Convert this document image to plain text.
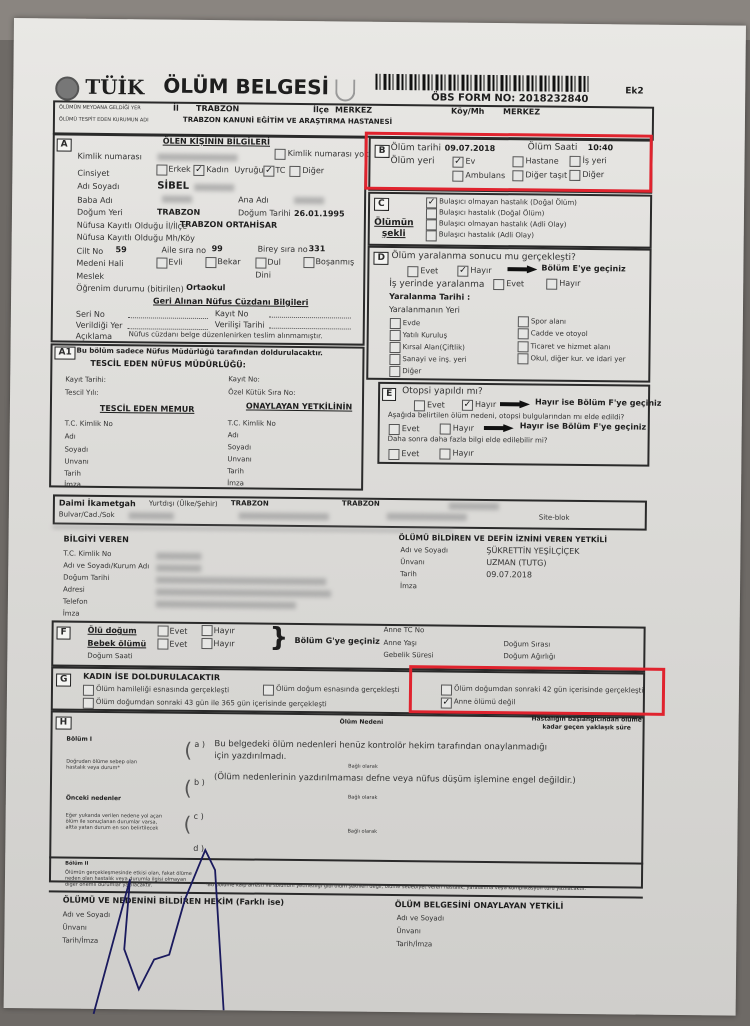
TÜİK ÖLÜM BELGESİ	ÖBS FORM NO: 2018232840
Ek2
ÖLÜMÜN MEYDANA GELDİĞİ YER	İl TRABZON	İlçe MERKEZ	Köy/Mh MERKEZ
ÖLÜMÜ TESPİT EDEN KURUMUN ADI	TRABZON KANUNİ EĞİTİM VE ARAŞTIRMA HASTANESİ
A	ÖLEN KİŞİNİN BİLGİLERİ
Kimlik numarası	Kimlik numarası yok
Cinsiyet	Erkek ✓ Kadın Uyruğu ✓ TC Diğer
Adı Soyadı	SİBEL
Baba Adı	Ana Adı
Doğum Yeri	TRABZON	Doğum Tarihi 26.01.1995
Nüfusa Kayıtlı Olduğu İl/İlçe
TRABZON ORTAHİSAR
Nüfusa Kayıtlı Olduğu Mh/Köy
Cilt No 59	Aile sıra no 99	Birey sıra no 331
Medeni Hali	Evli	Bekar	Dul	Boşanmış
Dini
Meslek
Öğrenim durumu (bitirilen) Ortaokul
Geri Alınan Nüfus Cüzdanı Bilgileri
Seri No	Kayıt No
Verildiği Yer	Verilişi Tarihi
Açıklama Nüfus cüzdanı belge düzenlenirken teslim alınmamıştır.
A1 Bu bölüm sadece Nüfus Müdürlüğü tarafından doldurulacaktır.
TESCİL EDEN NÜFUS MÜDÜRLÜĞÜ:
Kayıt Tarihi:	Kayıt No:
Tescil Yılı:	Özel Kütük Sıra No:
TESCİL EDEN MEMUR	ONAYLAYAN YETKİLİNİN
T.C. Kimlik No
Adı
Soyadı
Unvanı
Tarih
İmza
T.C. Kimlik No
Adı
Soyadı
Unvanı
Tarih
İmza
B Ölüm tarihi 09.07.2018	Ölüm Saati 10:40
Ölüm yeri ✓ Ev	Hastane	İş yeri
Ambulans	Diğer taşıt Diğer
C
Ölümün şekli
✓ Bulaşıcı olmayan hastalık (Doğal Ölüm)
Bulaşıcı hastalık (Doğal Ölüm)
Bulaşıcı olmayan hastalık (Adli Olay)
Bulaşıcı hastalık (Adli Olay)
D Ölüm yaralanma sonucu mu gerçekleşti?
Evet ✓ Hayır	Bölüm E'ye geçiniz
İş yerinde yaralanma	Evet	Hayır
Yaralanma Tarihi :
Yaralanmanın Yeri
Evde
Yatılı Kuruluş
Kırsal Alan(Çiftlik)
Sanayi ve inş. yeri
Diğer
Spor alanı
Cadde ve otoyol
Ticaret ve hizmet alanı
Okul, diğer kur. ve idari yer
E	Otopsi yapıldı mı?
Evet ✓ Hayır	Hayır ise Bölüm F'ye geçiniz
Aşağıda belirtilen ölüm nedeni, otopsi bulgularından mı elde edildi?
Evet	Hayır	Hayır ise Bölüm F'ye geçiniz
Daha sonra daha fazla bilgi elde edilebilir mi?
Evet	Hayır
Daimi İkametgah Yurtdışı (Ülke/Şehir) TRABZON	TRABZON
Bulvar/Cad./Sok	Site-blok
BİLGİYİ VEREN
T.C. Kimlik No
Adı ve Soyadı/Kurum Adı
Doğum Tarihi
Adresi
Telefon
İmza
ÖLÜMÜ BİLDİREN VE DEFİN İZNİNİ VEREN YETKİLİ
Adı ve Soyadı	ŞÜKRETTİN YEŞİLÇİÇEK
Ünvanı	UZMAN (TUTG)
Tarih	09.07.2018
İmza
F	Ölü doğum	Evet	Hayır
Bebek ölümü	Evet	Hayır
Doğum Saati
} Bölüm G'ye geçiniz
Anne TC No
Anne Yaşı
Gebelik Süresi
Doğum Sırası
Doğum Ağırlığı
G	KADIN İSE DOLDURULACAKTIR
Ölüm hamileliği esnasında gerçekleşti	Ölüm doğum esnasında gerçekleşti	Ölüm doğumdan sonraki 42 gün içerisinde gerçekleşti
Ölüm doğumdan sonraki 43 gün ile 365 gün içerisinde gerçekleşti	✓ Anne ölümü değil
H	Ölüm Nedeni	Hastalığın başlangıcından ölüme kadar geçen yaklaşık süre
Bölüm I
Doğrudan ölüme sebep olan hastalık veya durum*
Önceki nedenler
Eğer yukarıda verilen nedene yol açan ölüm ile sonuçlanan durumlar varsa, altta yatan durum en son belirtilecek
( a )
( b )
( c )
d )
Bu belgedeki ölüm nedenleri henüz kontrolör hekim tarafından onaylanmadığı için yazdırılmadı.
(Ölüm nedenlerinin yazdırılmaması defne veya nüfus düşüm işlemine engel değildir.)
Bağlı olarak
Bağlı olarak
Bağlı olarak
Bölüm II
Ölümün gerçekleşmesinde etkisi olan, fakat ölüme neden olan hastalık veya durumla ilgisi olmayan diğer önemli durumlar yazılacaktır.	*Bu bölüme kalp arresti ve solunum yetmezliği gibi ölüm şekilleri değil, ölüme sebebiyet veren hastalık, yaralanma veya komplikasyon türü yazılacaktır.
ÖLÜMÜ VE NEDENİNİ BİLDİREN HEKİM (Farklı ise)
Adı ve Soyadı
Ünvanı
Tarih/İmza
ÖLÜM BELGESİNİ ONAYLAYAN YETKİLİ
Adı ve Soyadı
Ünvanı
Tarih/İmza
